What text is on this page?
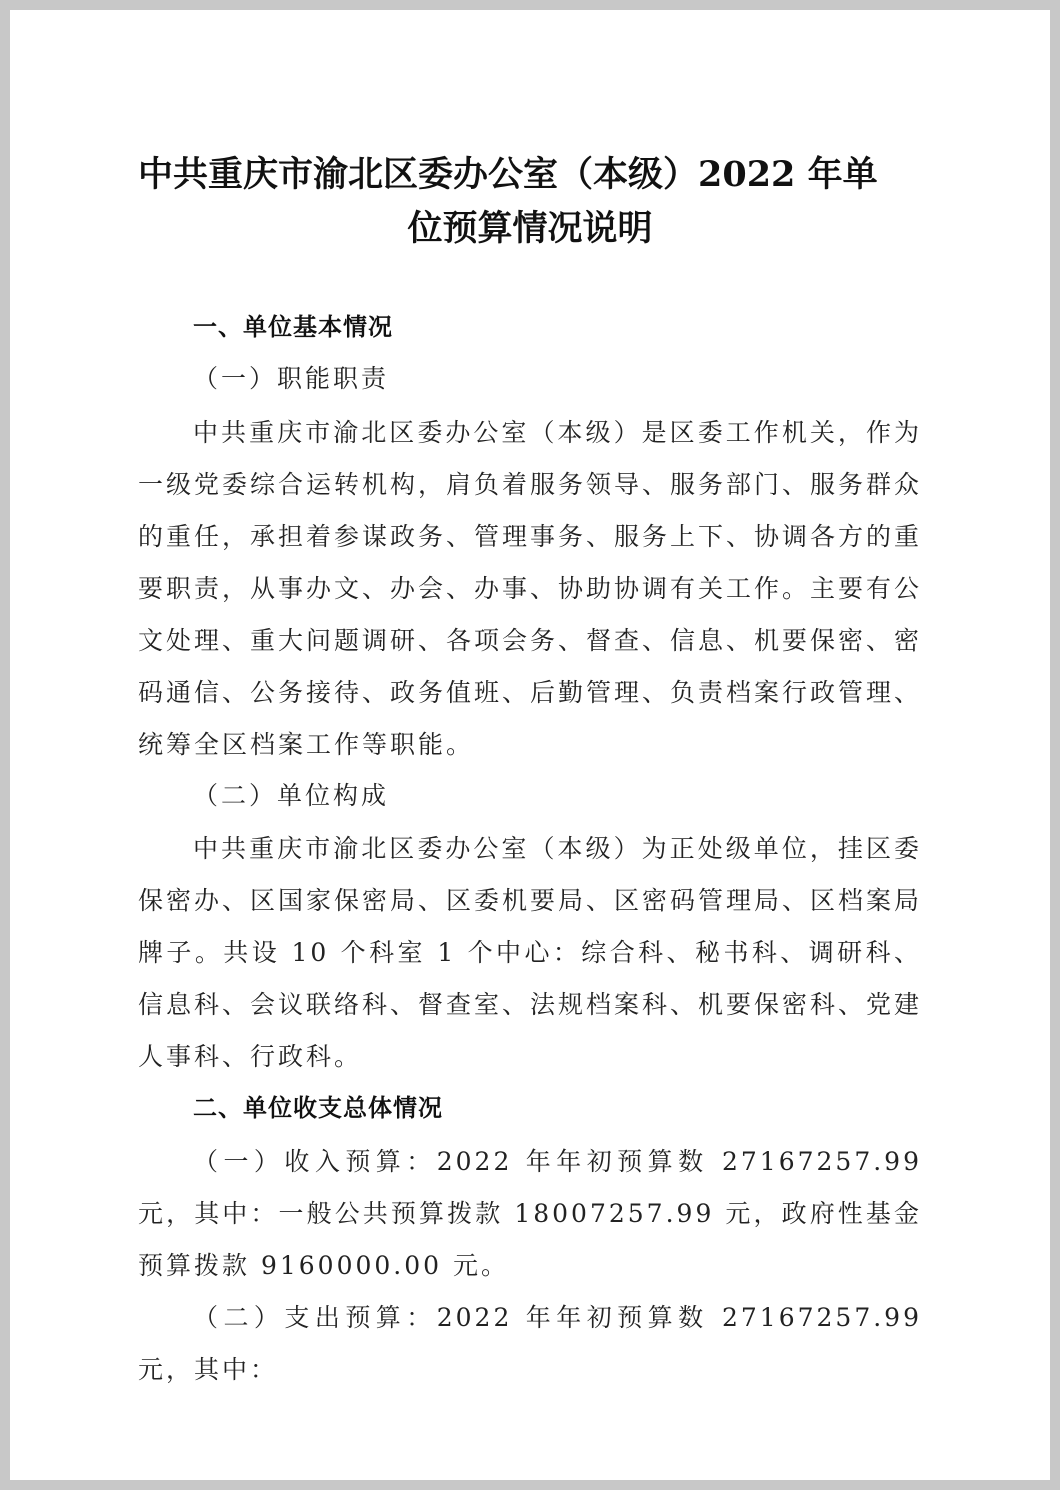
中共重庆市渝北区委办公室（本级）2022 年单
位预算情况说明
一、单位基本情况
（一）职能职责
中共重庆市渝北区委办公室（本级）是区委工作机关，作为一级党委综合运转机构，肩负着服务领导、服务部门、服务群众的重任，承担着参谋政务、管理事务、服务上下、协调各方的重要职责，从事办文、办会、办事、协助协调有关工作。主要有公文处理、重大问题调研、各项会务、督查、信息、机要保密、密码通信、公务接待、政务值班、后勤管理、负责档案行政管理、统筹全区档案工作等职能。
（二）单位构成
中共重庆市渝北区委办公室（本级）为正处级单位，挂区委保密办、区国家保密局、区委机要局、区密码管理局、区档案局牌子。共设 10 个科室 1 个中心：综合科、秘书科、调研科、信息科、会议联络科、督查室、法规档案科、机要保密科、党建人事科、行政科。
二、单位收支总体情况
（一）收入预算：2022 年年初预算数 27167257.99 元，其中：一般公共预算拨款 18007257.99 元，政府性基金预算拨款 9160000.00 元。
（二）支出预算：2022 年年初预算数 27167257.99 元，其中：
